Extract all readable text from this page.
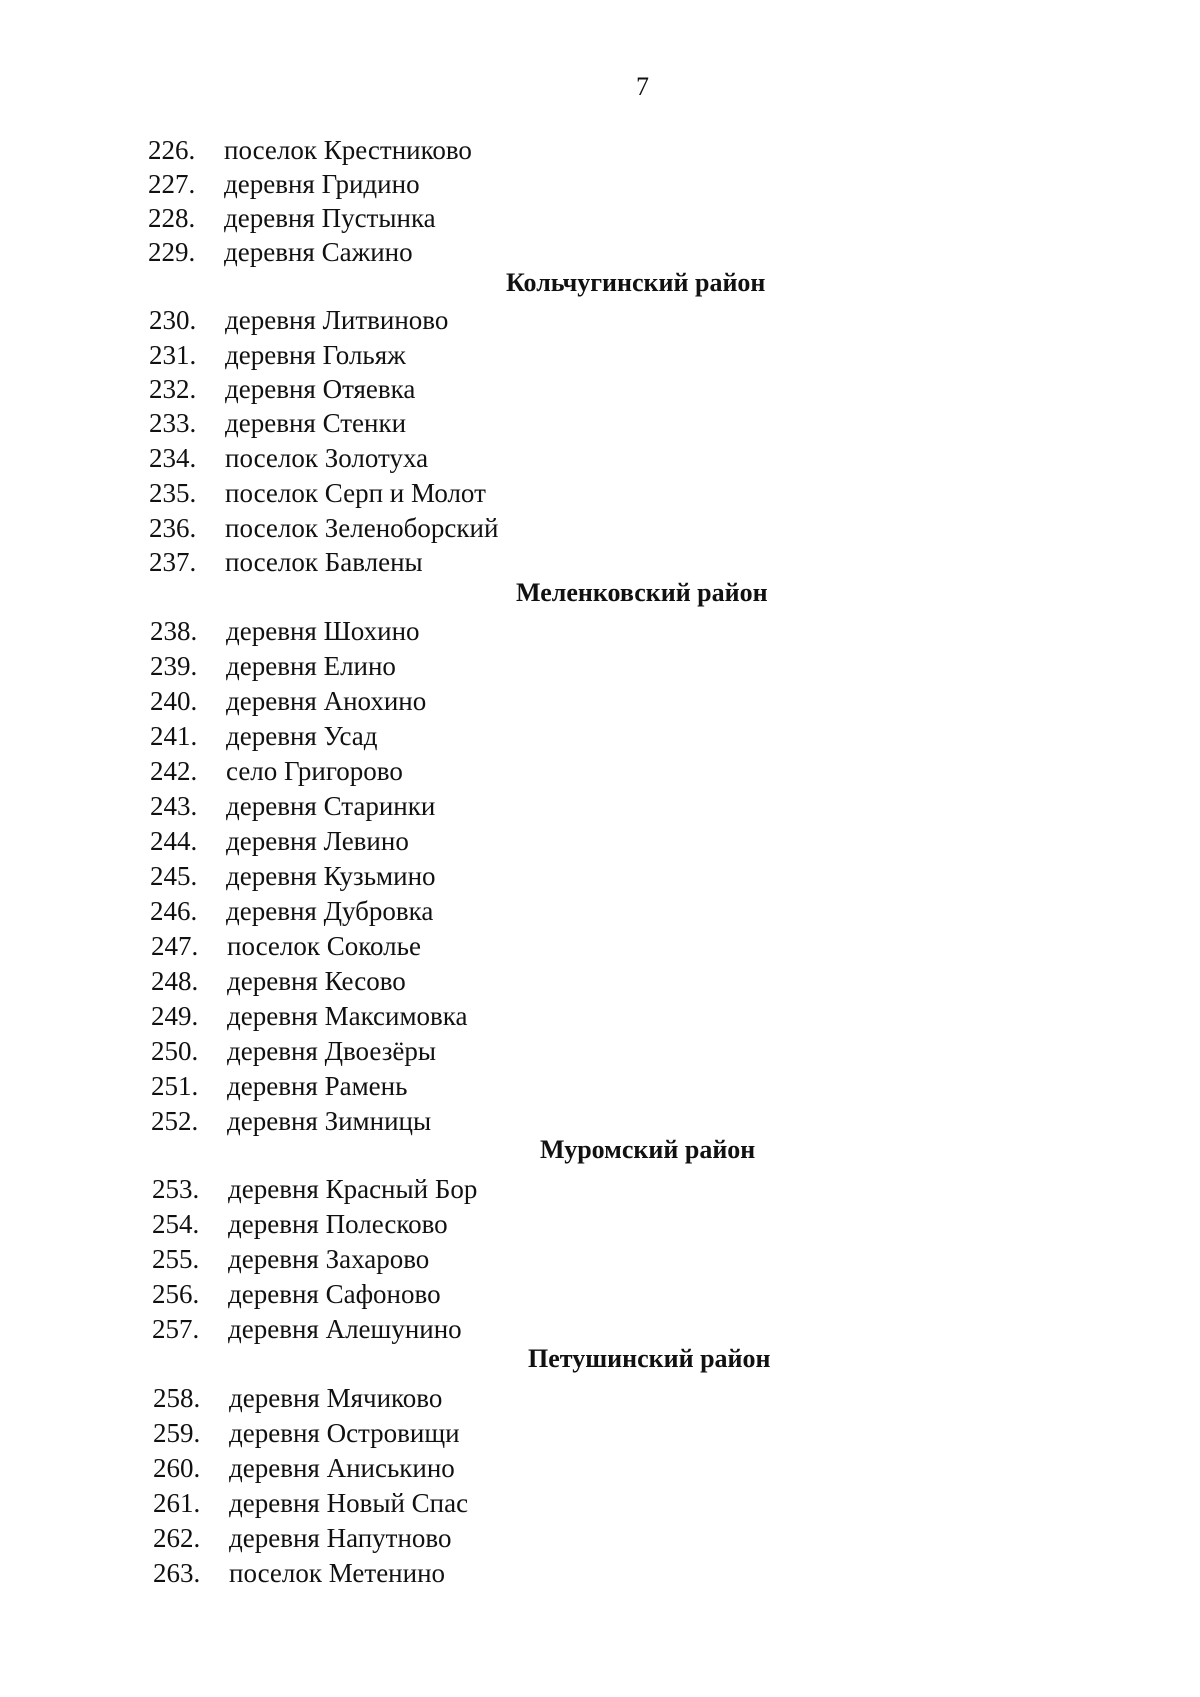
7
226. поселок Крестниково
227. деревня Гридино
228. деревня Пустынка
229. деревня Сажино
Кольчугинский район
230. деревня Литвиново
231. деревня Гольяж
232. деревня Отяевка
233. деревня Стенки
234. поселок Золотуха
235. поселок Серп и Молот
236. поселок Зеленоборский
237. поселок Бавлены
Меленковский район
238. деревня Шохино
239. деревня Елино
240. деревня Анохино
241. деревня Усад
242. село Григорово
243. деревня Старинки
244. деревня Левино
245. деревня Кузьмино
246. деревня Дубровка
247. поселок Соколье
248. деревня Кесово
249. деревня Максимовка
250. деревня Двоезёры
251. деревня Рамень
252. деревня Зимницы
Муромский район
253. деревня Красный Бор
254. деревня Полесково
255. деревня Захарово
256. деревня Сафоново
257. деревня Алешунино
Петушинский район
258. деревня Мячиково
259. деревня Островищи
260. деревня Аниськино
261. деревня Новый Спас
262. деревня Напутново
263. поселок Метенино
